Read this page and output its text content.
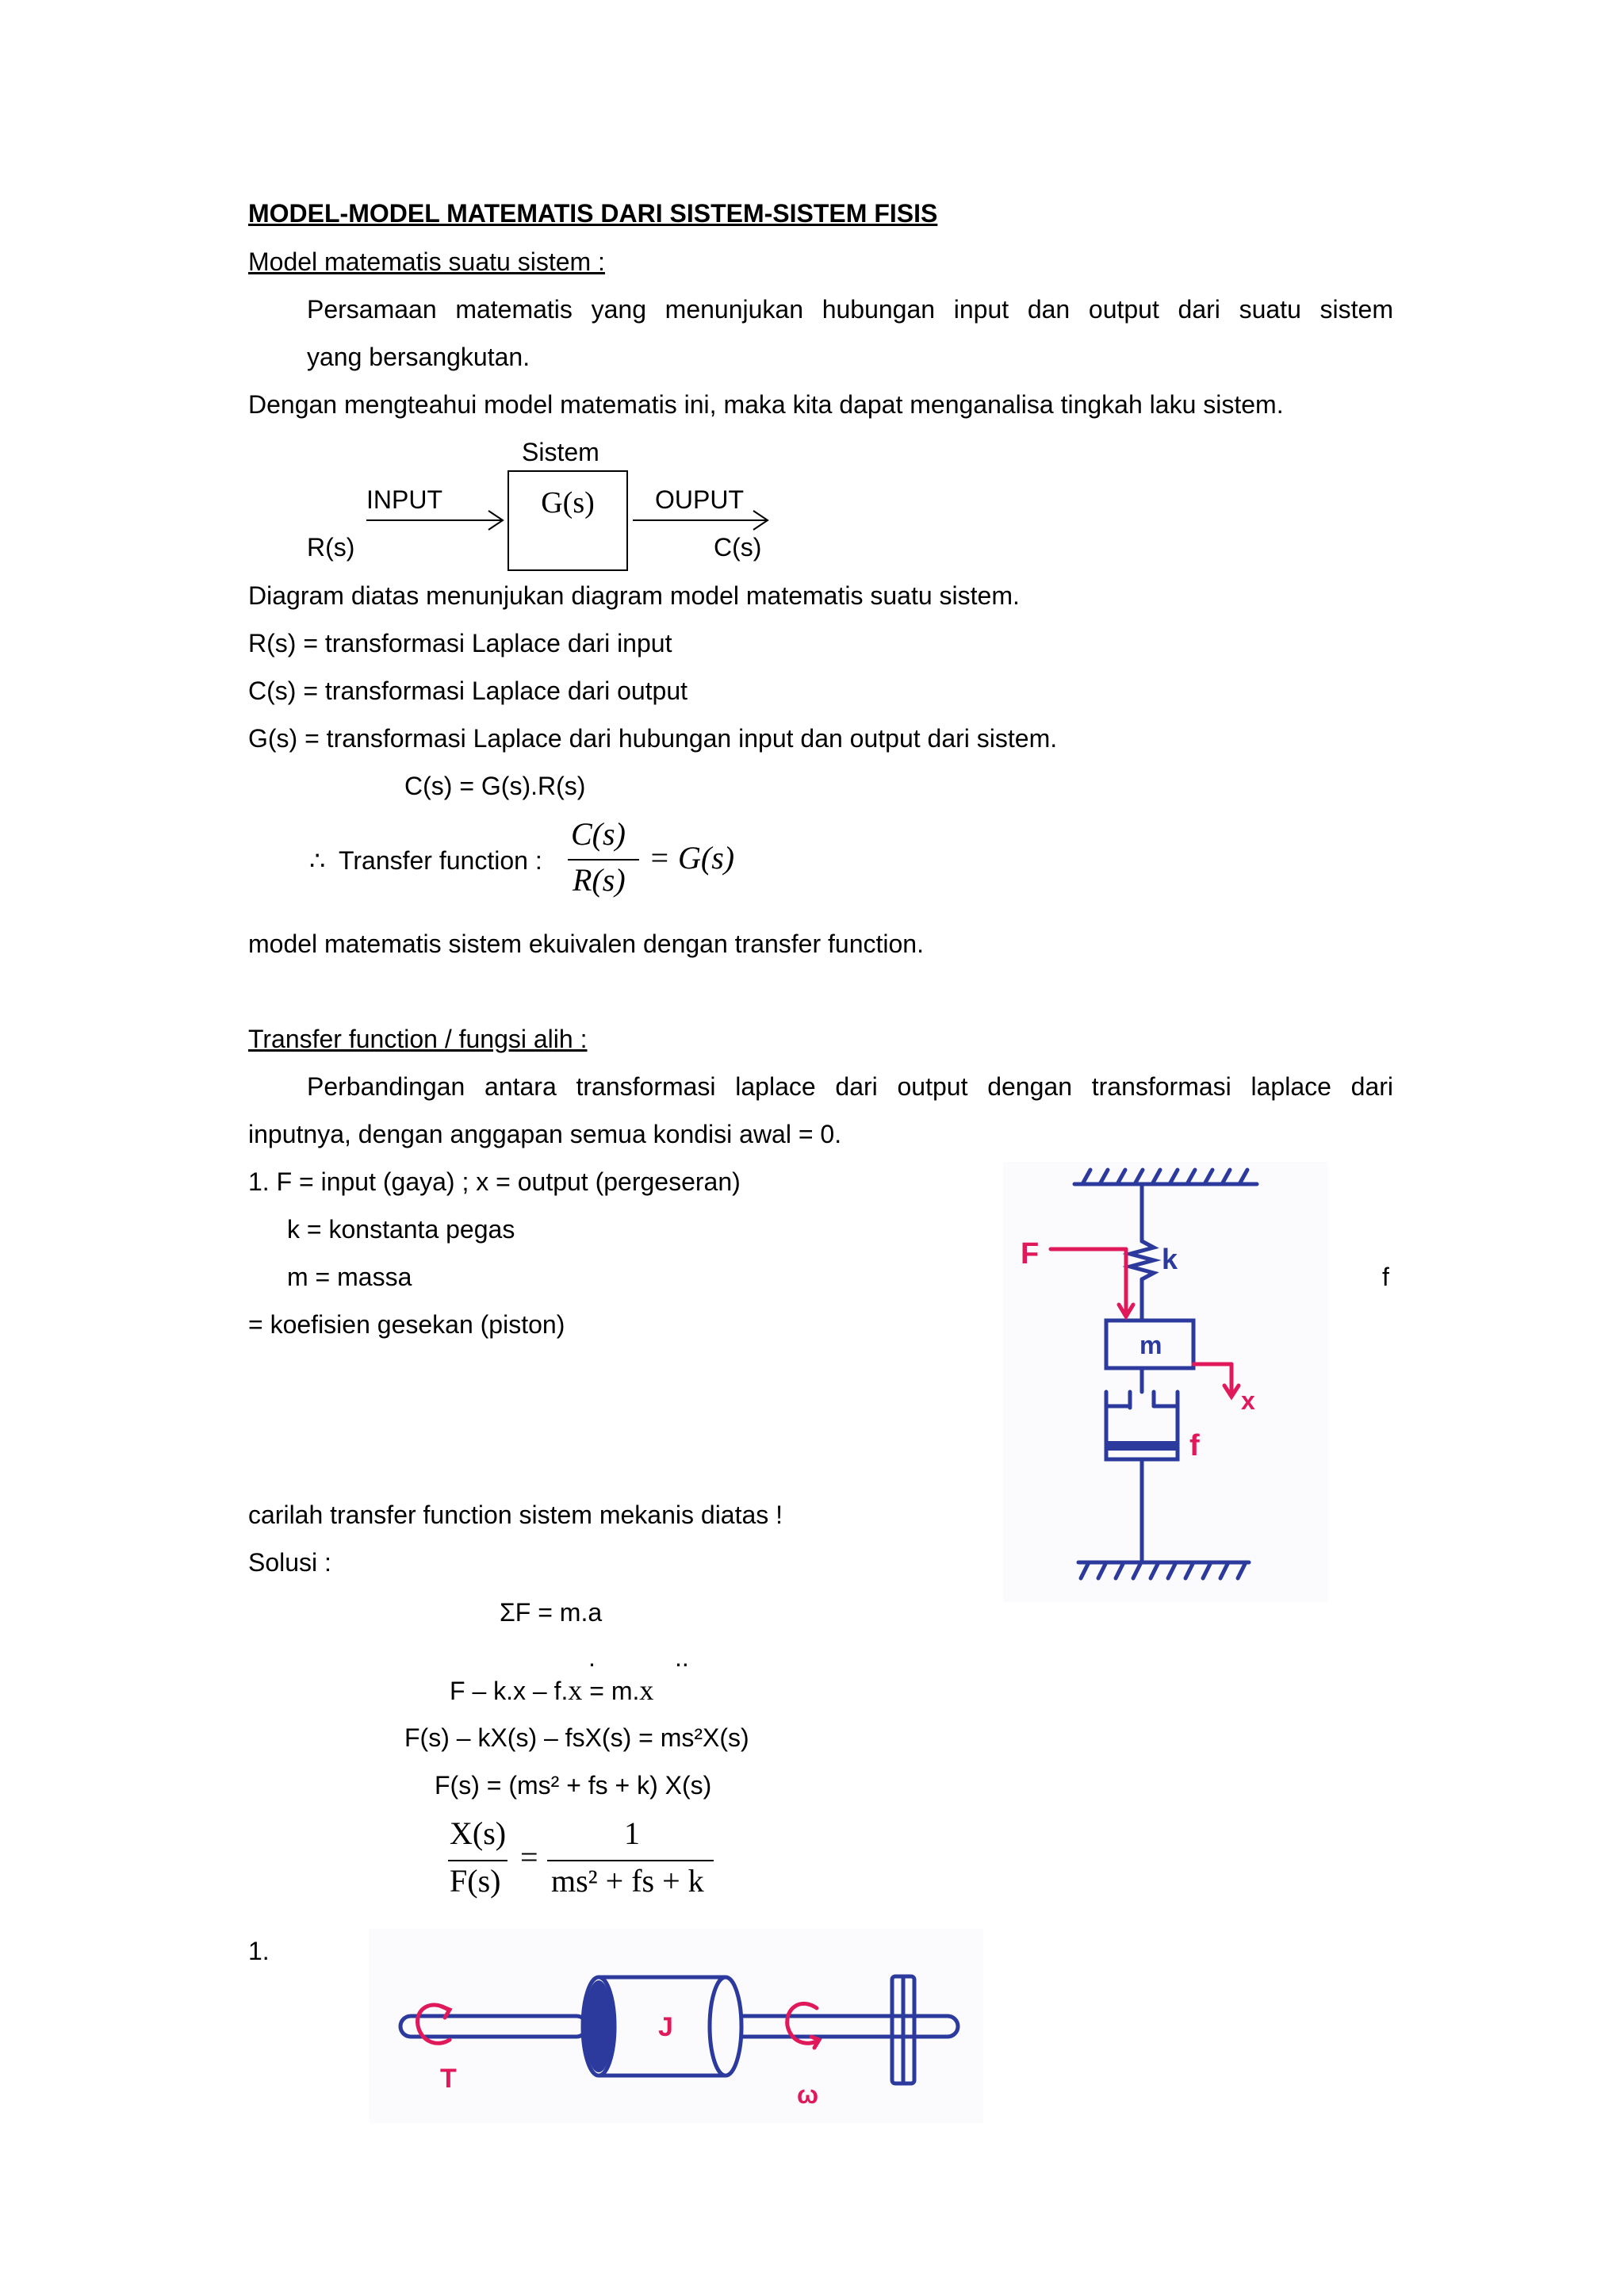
MODEL-MODEL MATEMATIS DARI SISTEM-SISTEM FISIS
Model matematis suatu sistem :
Persamaan matematis yang menunjukan hubungan input dan output dari suatu sistem
yang bersangkutan.
Dengan mengteahui model matematis ini, maka kita dapat menganalisa tingkah laku sistem.
Sistem
INPUT	G(s)	OUPUT
R(s)	C(s)
Diagram diatas menunjukan diagram model matematis suatu sistem.
R(s) = transformasi Laplace dari input
C(s) = transformasi Laplace dari output
G(s) = transformasi Laplace dari hubungan input dan output dari sistem.
C(s) = G(s).R(s)
∴ Transfer function :
C(s)
R(s)
= G(s)
model matematis sistem ekuivalen dengan transfer function.
Transfer function / fungsi alih :
Perbandingan antara transformasi laplace dari output dengan transformasi laplace dari
inputnya, dengan anggapan semua kondisi awal = 0.
1. F = input (gaya) ; x = output (pergeseran)
k = konstanta pegas
m = massa	f
= koefisien gesekan (piston)
F	k
m
x
f
carilah transfer function sistem mekanis diatas !
Solusi :
ΣF = m.a
.	..
F – k.x – f.x = m.x
F(s) – kX(s) – fsX(s) = ms²X(s)
F(s) = (ms² + fs + k) X(s)
X(s)
F(s)
=
1
ms² + fs + k
1.
T
J
ω
